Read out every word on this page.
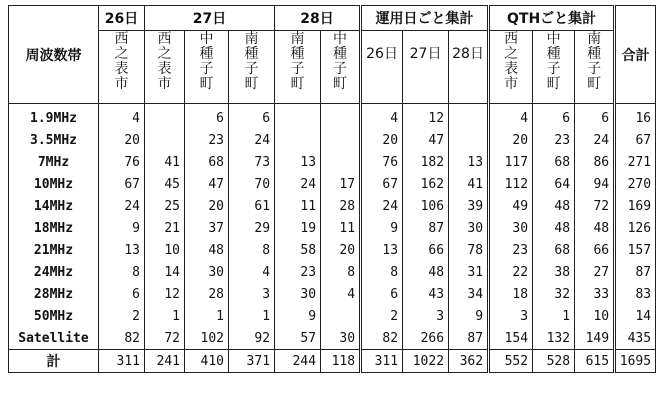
周波数帯	26日	27日			28日		運用日ごと集計			QTHごと集計			合計
	西之表市	西之表市	中種子町	南種子町	南種子町	中種子町	26日	27日	28日	西之表市	中種子町	南種子町	
1.9MHz	4		6	6			4	12		4	6	6	16
3.5MHz	20		23	24			20	47		20	23	24	67
7MHz	76	41	68	73	13		76	182	13	117	68	86	271
10MHz	67	45	47	70	24	17	67	162	41	112	64	94	270
14MHz	24	25	20	61	11	28	24	106	39	49	48	72	169
18MHz	9	21	37	29	19	11	9	87	30	30	48	48	126
21MHz	13	10	48	8	58	20	13	66	78	23	68	66	157
24MHz	8	14	30	4	23	8	8	48	31	22	38	27	87
28MHz	6	12	28	3	30	4	6	43	34	18	32	33	83
50MHz	2	1	1	1	9		2	3	9	3	1	10	14
Satellite	82	72	102	92	57	30	82	266	87	154	132	149	435
計	311	241	410	371	244	118	311	1022	362	552	528	615	1695
